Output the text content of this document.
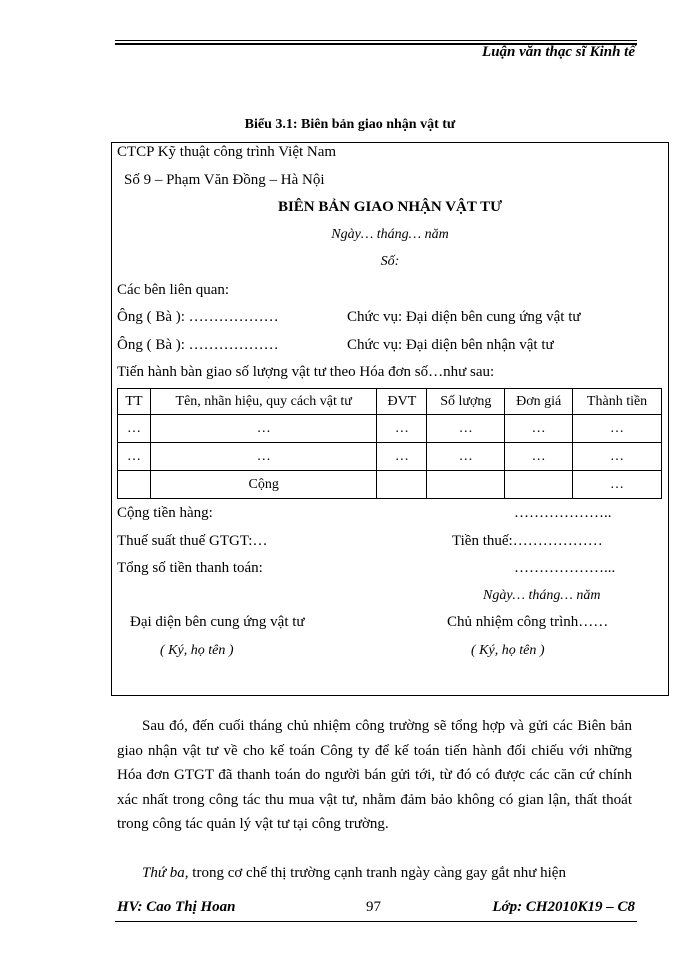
Luận văn thạc sĩ Kinh tế
Biểu 3.1: Biên bản giao nhận vật tư
CTCP Kỹ thuật công trình Việt Nam
Số 9 – Phạm Văn Đồng – Hà Nội
BIÊN BẢN GIAO NHẬN VẬT TƯ
Ngày… tháng… năm
Số:
Các bên liên quan:
Ông ( Bà ): ………………	Chức vụ: Đại diện bên cung ứng vật tư
Ông ( Bà ): ………………	Chức vụ: Đại diện bên nhận vật tư
Tiến hành bàn giao số lượng vật tư theo Hóa đơn số…như sau:
TT	Tên, nhãn hiệu, quy cách vật tư	ĐVT	Số lượng	Đơn giá	Thành tiền
…	…	…	…	…	…
…	…	…	…	…	…
	Cộng				…
Cộng tiền hàng:	………………..
Thuế suất thuế GTGT:…	Tiền thuế:………………
Tổng số tiền thanh toán:	………………...
Ngày… tháng… năm
Đại diện bên cung ứng vật tư	Chủ nhiệm công trình……
( Ký, họ tên )	( Ký, họ tên )

Sau đó, đến cuối tháng chủ nhiệm công trường sẽ tổng hợp và gửi các Biên bản giao nhận vật tư về cho kế toán Công ty để kế toán tiến hành đối chiếu với những Hóa đơn GTGT đã thanh toán do người bán gửi tới, từ đó có được các căn cứ chính xác nhất trong công tác thu mua vật tư, nhằm đảm bảo không có gian lận, thất thoát trong công tác quản lý vật tư tại công trường.

Thứ ba, trong cơ chế thị trường cạnh tranh ngày càng gay gắt như hiện
HV: Cao Thị Hoan	97	Lớp: CH2010K19 – C8
